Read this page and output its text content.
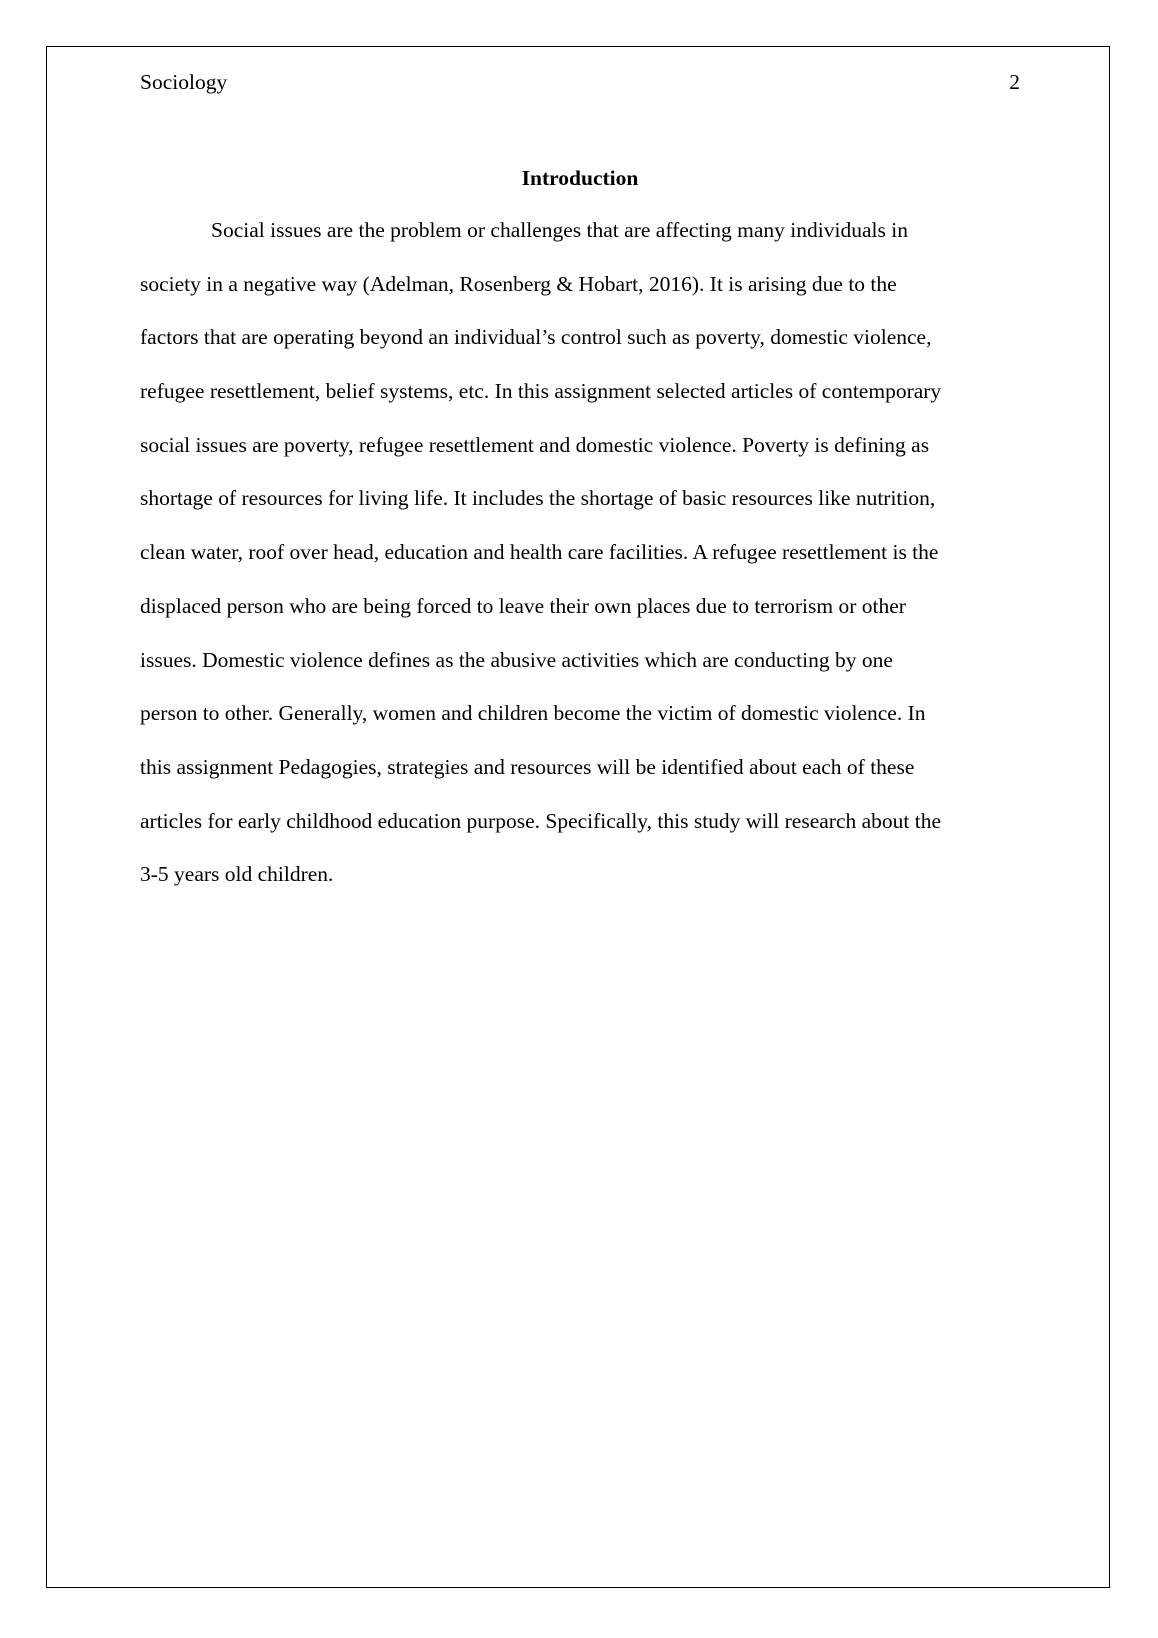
Sociology	2
Introduction
Social issues are the problem or challenges that are affecting many individuals in
society in a negative way (Adelman, Rosenberg & Hobart, 2016). It is arising due to the
factors that are operating beyond an individual’s control such as poverty, domestic violence,
refugee resettlement, belief systems, etc. In this assignment selected articles of contemporary
social issues are poverty, refugee resettlement and domestic violence. Poverty is defining as
shortage of resources for living life. It includes the shortage of basic resources like nutrition,
clean water, roof over head, education and health care facilities. A refugee resettlement is the
displaced person who are being forced to leave their own places due to terrorism or other
issues. Domestic violence defines as the abusive activities which are conducting by one
person to other. Generally, women and children become the victim of domestic violence. In
this assignment Pedagogies, strategies and resources will be identified about each of these
articles for early childhood education purpose. Specifically, this study will research about the
3-5 years old children.
